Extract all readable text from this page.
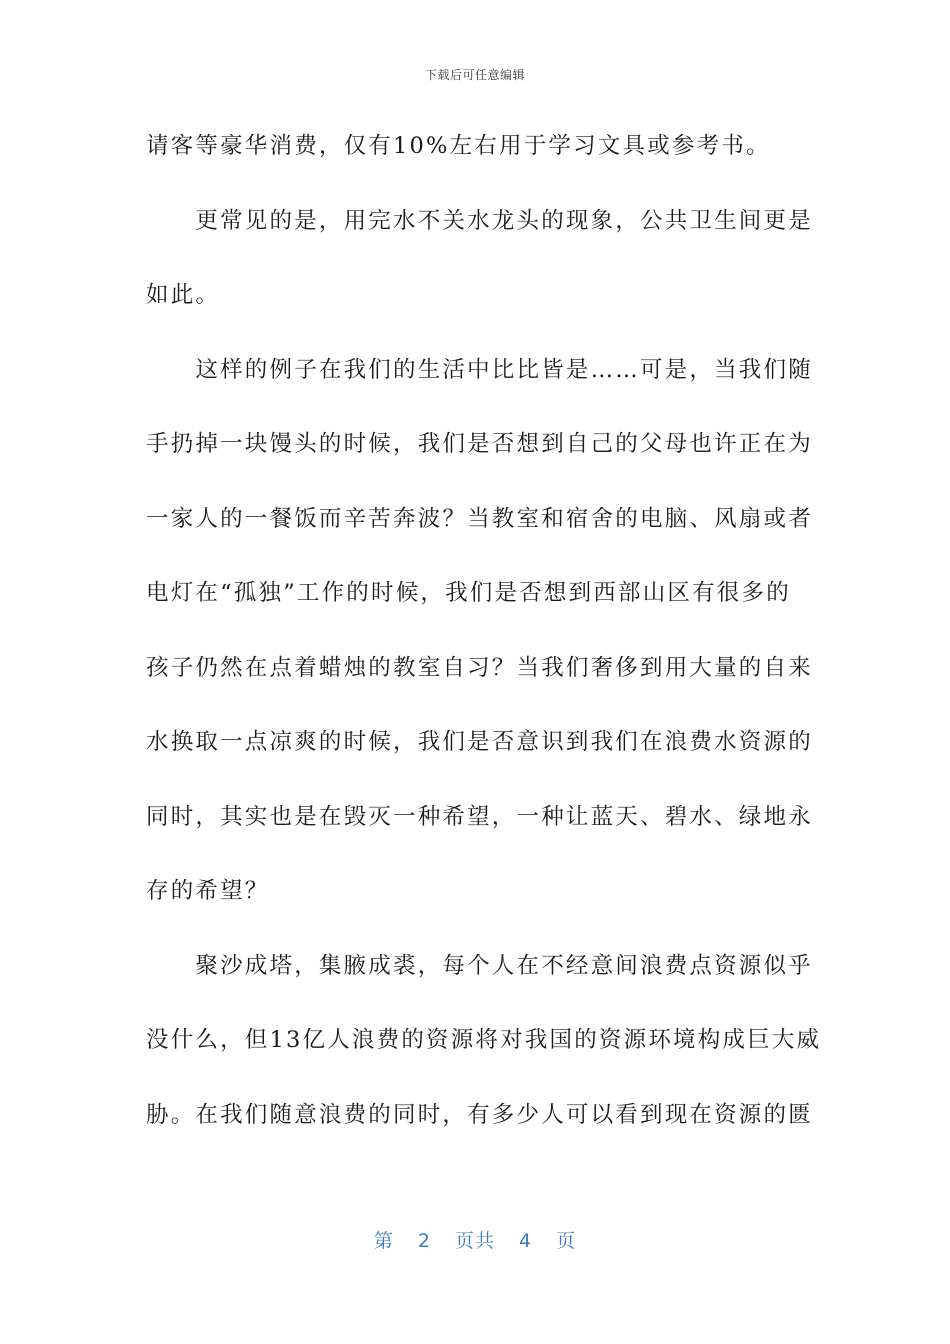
下载后可任意编辑
请客等豪华消费，仅有10%左右用于学习文具或参考书。
　　更常见的是，用完水不关水龙头的现象，公共卫生间更是
如此。
　　这样的例子在我们的生活中比比皆是……可是，当我们随
手扔掉一块馒头的时候，我们是否想到自己的父母也许正在为
一家人的一餐饭而辛苦奔波？当教室和宿舍的电脑、风扇或者
电灯在“孤独”工作的时候，我们是否想到西部山区有很多的
孩子仍然在点着蜡烛的教室自习？当我们奢侈到用大量的自来
水换取一点凉爽的时候，我们是否意识到我们在浪费水资源的
同时，其实也是在毁灭一种希望，一种让蓝天、碧水、绿地永
存的希望？
　　聚沙成塔，集腋成裘，每个人在不经意间浪费点资源似乎
没什么，但13亿人浪费的资源将对我国的资源环境构成巨大威
胁。在我们随意浪费的同时，有多少人可以看到现在资源的匮
第 2 页共 4 页
